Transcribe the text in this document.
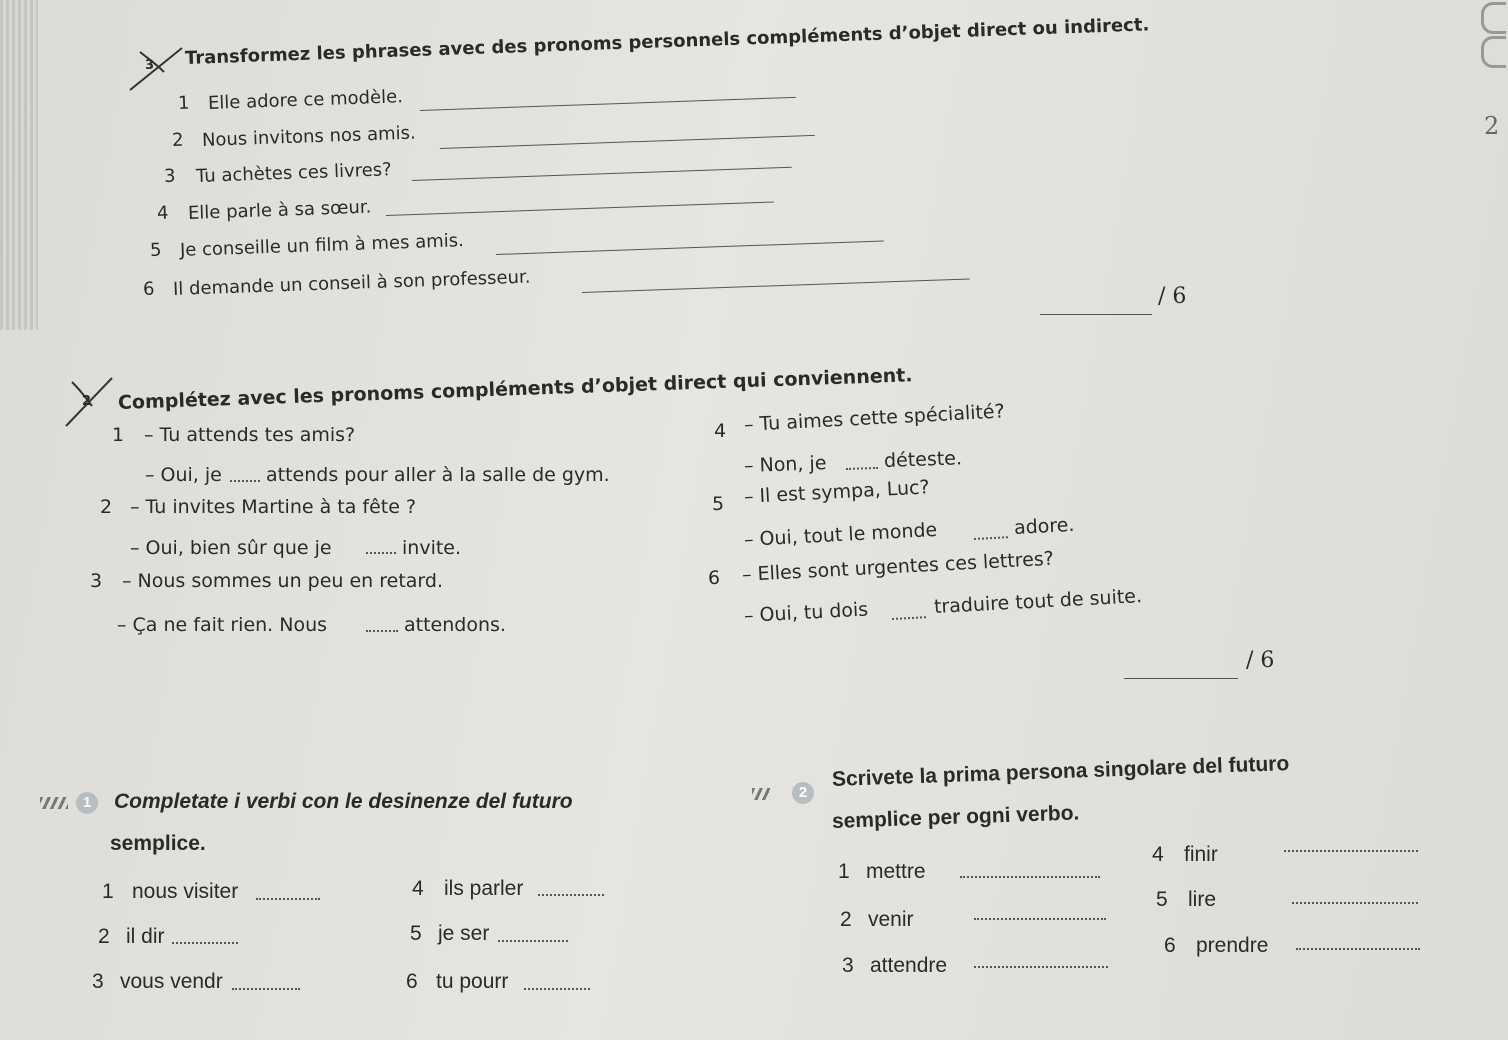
3 Transformez les phrases avec des pronoms personnels compléments d’objet direct ou indirect.
1 Elle adore ce modèle.
2 Nous invitons nos amis.
3 Tu achètes ces livres?
4 Elle parle à sa sœur.
5 Je conseille un film à mes amis.
6 Il demande un conseil à son professeur.	/ 6
2
2 Complétez avec les pronoms compléments d’objet direct qui conviennent.
1 – Tu attends tes amis?
– Oui, je attends pour aller à la salle de gym.
2 – Tu invites Martine à ta fête ?
– Oui, bien sûr que je	invite.
3 – Nous sommes un peu en retard.
– Ça ne fait rien. Nous	attendons.
4 – Tu aimes cette spécialité?
– Non, je	déteste.
5 – Il est sympa, Luc?
– Oui, tout le monde	adore.
6 – Elles sont urgentes ces lettres?
– Oui, tu dois	traduire tout de suite.
/ 6
1	Completate i verbi con le desinenze del futuro
semplice.
1 nous visiter
2 il dir
3 vous vendr
4 ils parler
5 je ser
6 tu pourr
2
Scrivete la prima persona singolare del futuro
semplice per ogni verbo.
1 mettre
2 venir
3 attendre
4 finir
5 lire
6 prendre
